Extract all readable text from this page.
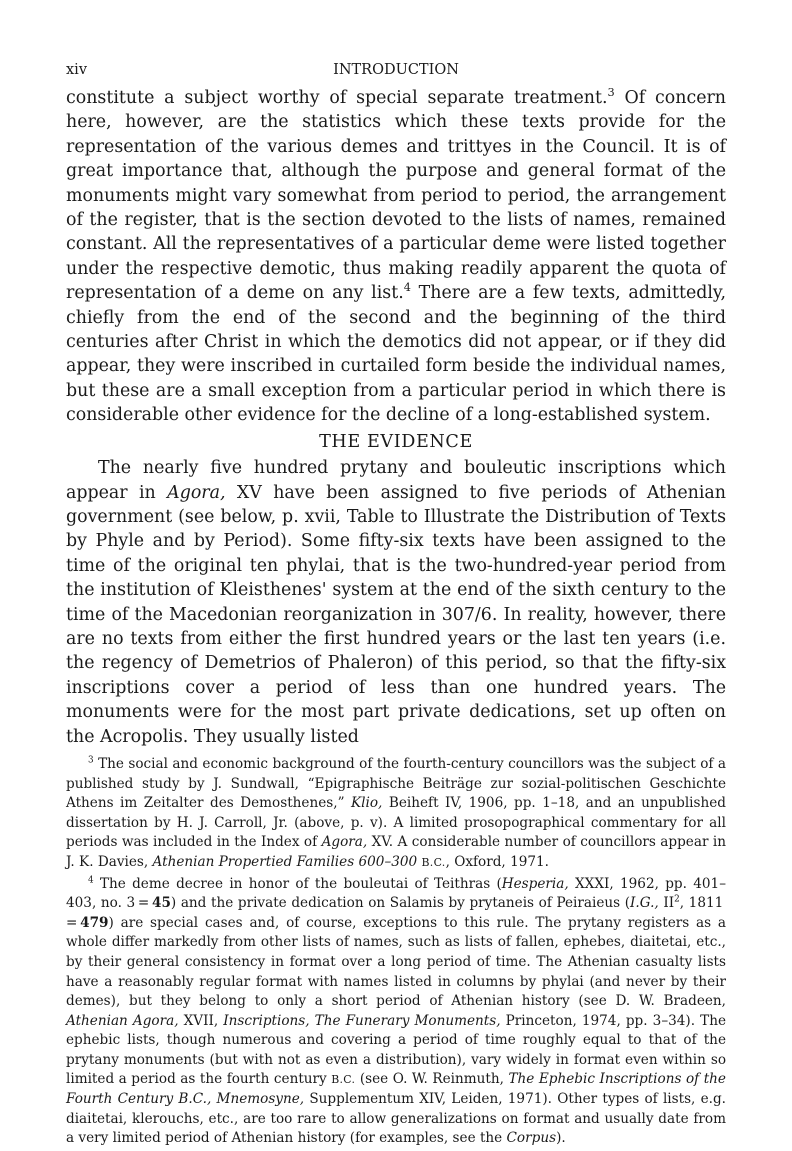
xiv	INTRODUCTION

constitute a subject worthy of special separate treatment.$^3$ Of concern here, however, are the statistics which these texts provide for the representation of the various demes and trittyes in the Council. It is of great importance that, although the purpose and general format of the monuments might vary somewhat from period to period, the arrangement of the register, that is the section devoted to the lists of names, remained constant. All the representatives of a particular deme were listed together under the respective demotic, thus making readily apparent the quota of representation of a deme on any list.$^4$ There are a few texts, admittedly, chiefly from the end of the second and the beginning of the third centuries after Christ in which the demotics did not appear, or if they did appear, they were inscribed in curtailed form beside the individual names, but these are a small exception from a particular period in which there is considerable other evidence for the decline of a long-established system.

THE EVIDENCE

The nearly five hundred prytany and bouleutic inscriptions which appear in Agora, XV have been assigned to five periods of Athenian government (see below, p. xvii, Table to Illustrate the Distribution of Texts by Phyle and by Period). Some fifty-six texts have been assigned to the time of the original ten phylai, that is the two-hundred-year period from the institution of Kleisthenes' system at the end of the sixth century to the time of the Macedonian reorganization in 307/6. In reality, however, there are no texts from either the first hundred years or the last ten years (i.e. the regency of Demetrios of Phaleron) of this period, so that the fifty-six inscriptions cover a period of less than one hundred years. The monuments were for the most part private dedications, set up often on the Acropolis. They usually listed

$^3$ The social and economic background of the fourth-century councillors was the subject of a published study by J. Sundwall, “Epigraphische Beiträge zur sozial-politischen Geschichte Athens im Zeitalter des Demosthenes,” Klio, Beiheft IV, 1906, pp. 1–18, and an unpublished dissertation by H. J. Carroll, Jr. (above, p. v). A limited prosopographical commentary for all periods was included in the Index of Agora, XV. A considerable number of councillors appear in J. K. Davies, Athenian Propertied Families 600–300 B.C., Oxford, 1971.

$^4$ The deme decree in honor of the bouleutai of Teithras (Hesperia, XXXI, 1962, pp. 401–403, no. 3 = 45) and the private dedication on Salamis by prytaneis of Peiraieus (I.G., $II^2$, 1811 = 479) are special cases and, of course, exceptions to this rule. The prytany registers as a whole differ markedly from other lists of names, such as lists of fallen, ephebes, diaitetai, etc., by their general consistency in format over a long period of time. The Athenian casualty lists have a reasonably regular format with names listed in columns by phylai (and never by their demes), but they belong to only a short period of Athenian history (see D. W. Bradeen, Athenian Agora, XVII, Inscriptions, The Funerary Monuments, Princeton, 1974, pp. 3–34). The ephebic lists, though numerous and covering a period of time roughly equal to that of the prytany monuments (but with not as even a distribution), vary widely in format even within so limited a period as the fourth century B.C. (see O. W. Reinmuth, The Ephebic Inscriptions of the Fourth Century B.C., Mnemosyne, Supplementum XIV, Leiden, 1971). Other types of lists, e.g. diaitetai, klerouchs, etc., are too rare to allow generalizations on format and usually date from a very limited period of Athenian history (for examples, see the Corpus).
